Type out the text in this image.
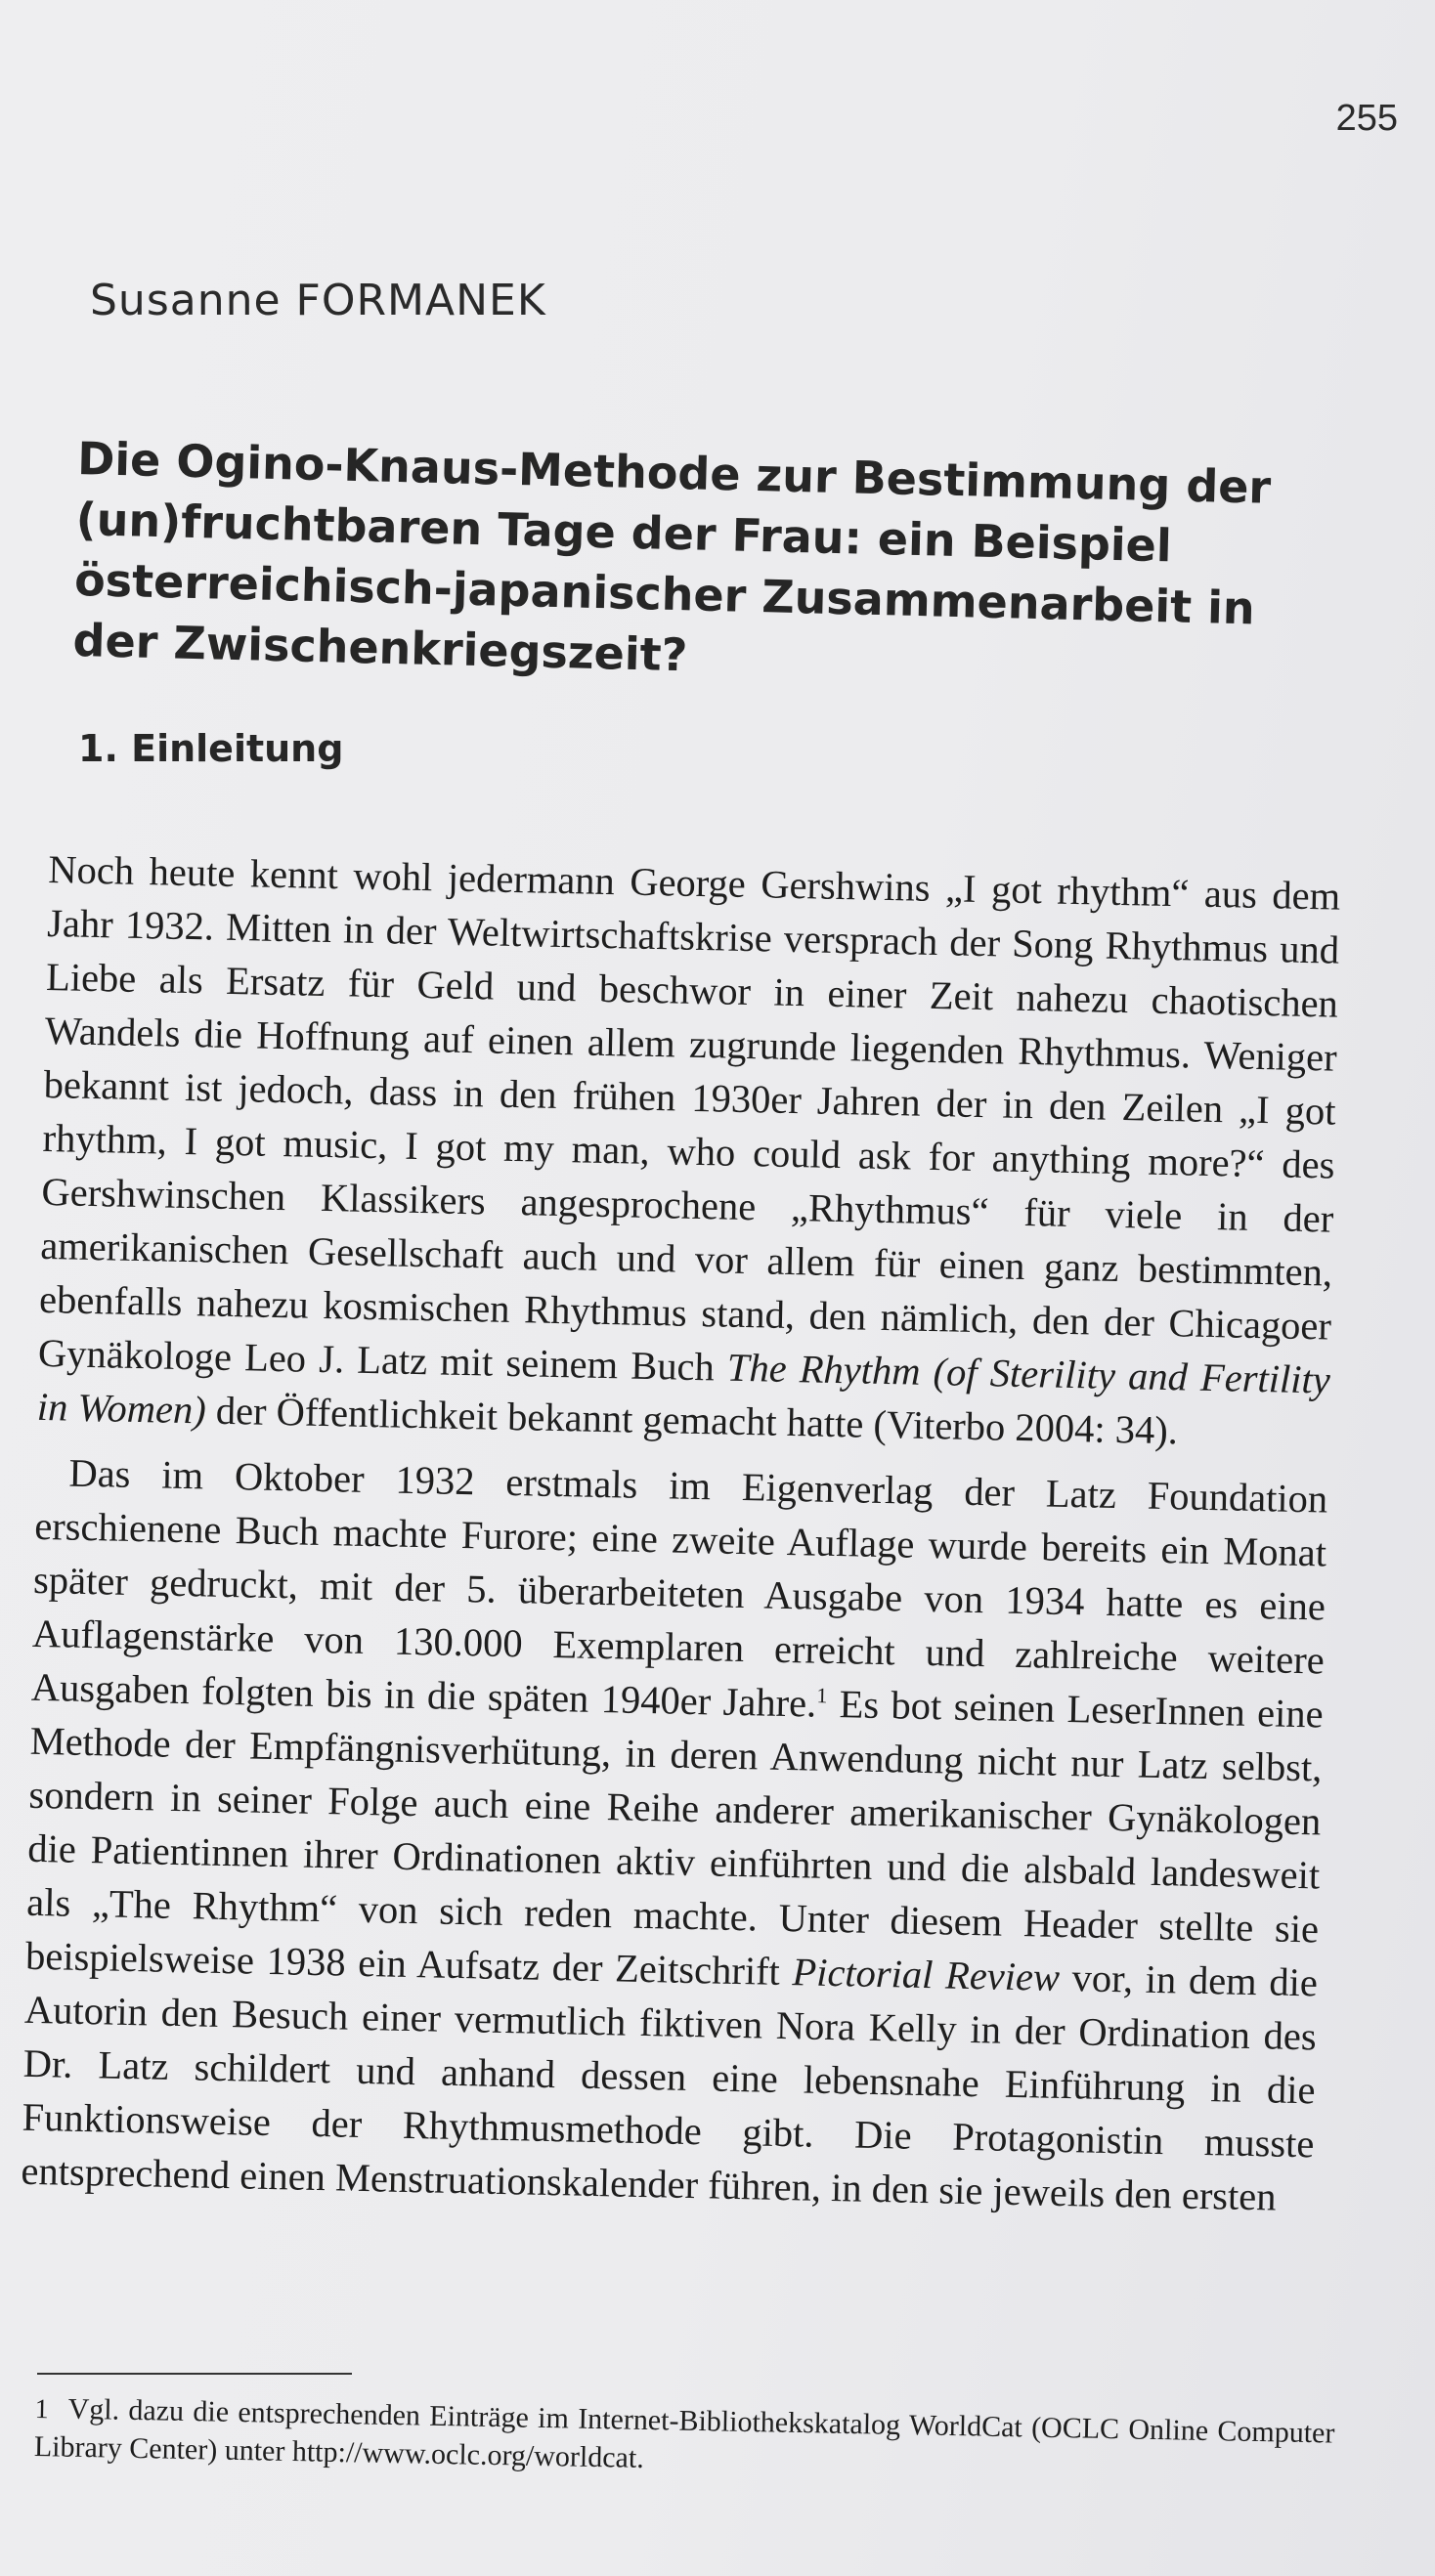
255
Susanne FORMANEK
Die Ogino-Knaus-Methode zur Bestimmung der (un)fruchtbaren Tage der Frau: ein Beispiel österreichisch-japanischer Zusammenarbeit in der Zwischenkriegszeit?
1. Einleitung

Noch heute kennt wohl jedermann George Gershwins „I got rhythm“ aus dem Jahr 1932. Mitten in der Weltwirtschaftskrise versprach der Song Rhythmus und Liebe als Ersatz für Geld und beschwor in einer Zeit nahezu chaotischen Wandels die Hoffnung auf einen allem zugrunde liegenden Rhythmus. Weniger bekannt ist jedoch, dass in den frühen 1930er Jahren der in den Zeilen „I got rhythm, I got music, I got my man, who could ask for anything more?“ des Gershwinschen Klassikers angesprochene „Rhythmus“ für viele in der amerikanischen Gesellschaft auch und vor allem für einen ganz bestimmten, ebenfalls nahezu kosmischen Rhythmus stand, den nämlich, den der Chicagoer Gynäkologe Leo J. Latz mit seinem Buch The Rhythm (of Sterility and Fertility in Women) der Öffentlichkeit bekannt gemacht hatte (Viterbo 2004: 34).

Das im Oktober 1932 erstmals im Eigenverlag der Latz Foundation erschienene Buch machte Furore; eine zweite Auflage wurde bereits ein Monat später gedruckt, mit der 5. überarbeiteten Ausgabe von 1934 hatte es eine Auflagenstärke von 130.000 Exemplaren erreicht und zahlreiche weitere Ausgaben folgten bis in die späten 1940er Jahre.$^1$ Es bot seinen LeserInnen eine Methode der Empfängnisverhütung, in deren Anwendung nicht nur Latz selbst, sondern in seiner Folge auch eine Reihe anderer amerikanischer Gynäkologen die Patientinnen ihrer Ordinationen aktiv einführten und die alsbald landesweit als „The Rhythm“ von sich reden machte. Unter diesem Header stellte sie beispielsweise 1938 ein Aufsatz der Zeitschrift Pictorial Review vor, in dem die Autorin den Besuch einer vermutlich fiktiven Nora Kelly in der Ordination des Dr. Latz schildert und anhand dessen eine lebensnahe Einführung in die Funktionsweise der Rhythmusmethode gibt. Die Protagonistin musste entsprechend einen Menstruationskalender führen, in den sie jeweils den ersten

1 Vgl. dazu die entsprechenden Einträge im Internet-Bibliothekskatalog WorldCat (OCLC Online Computer Library Center) unter http://www.oclc.org/worldcat.
